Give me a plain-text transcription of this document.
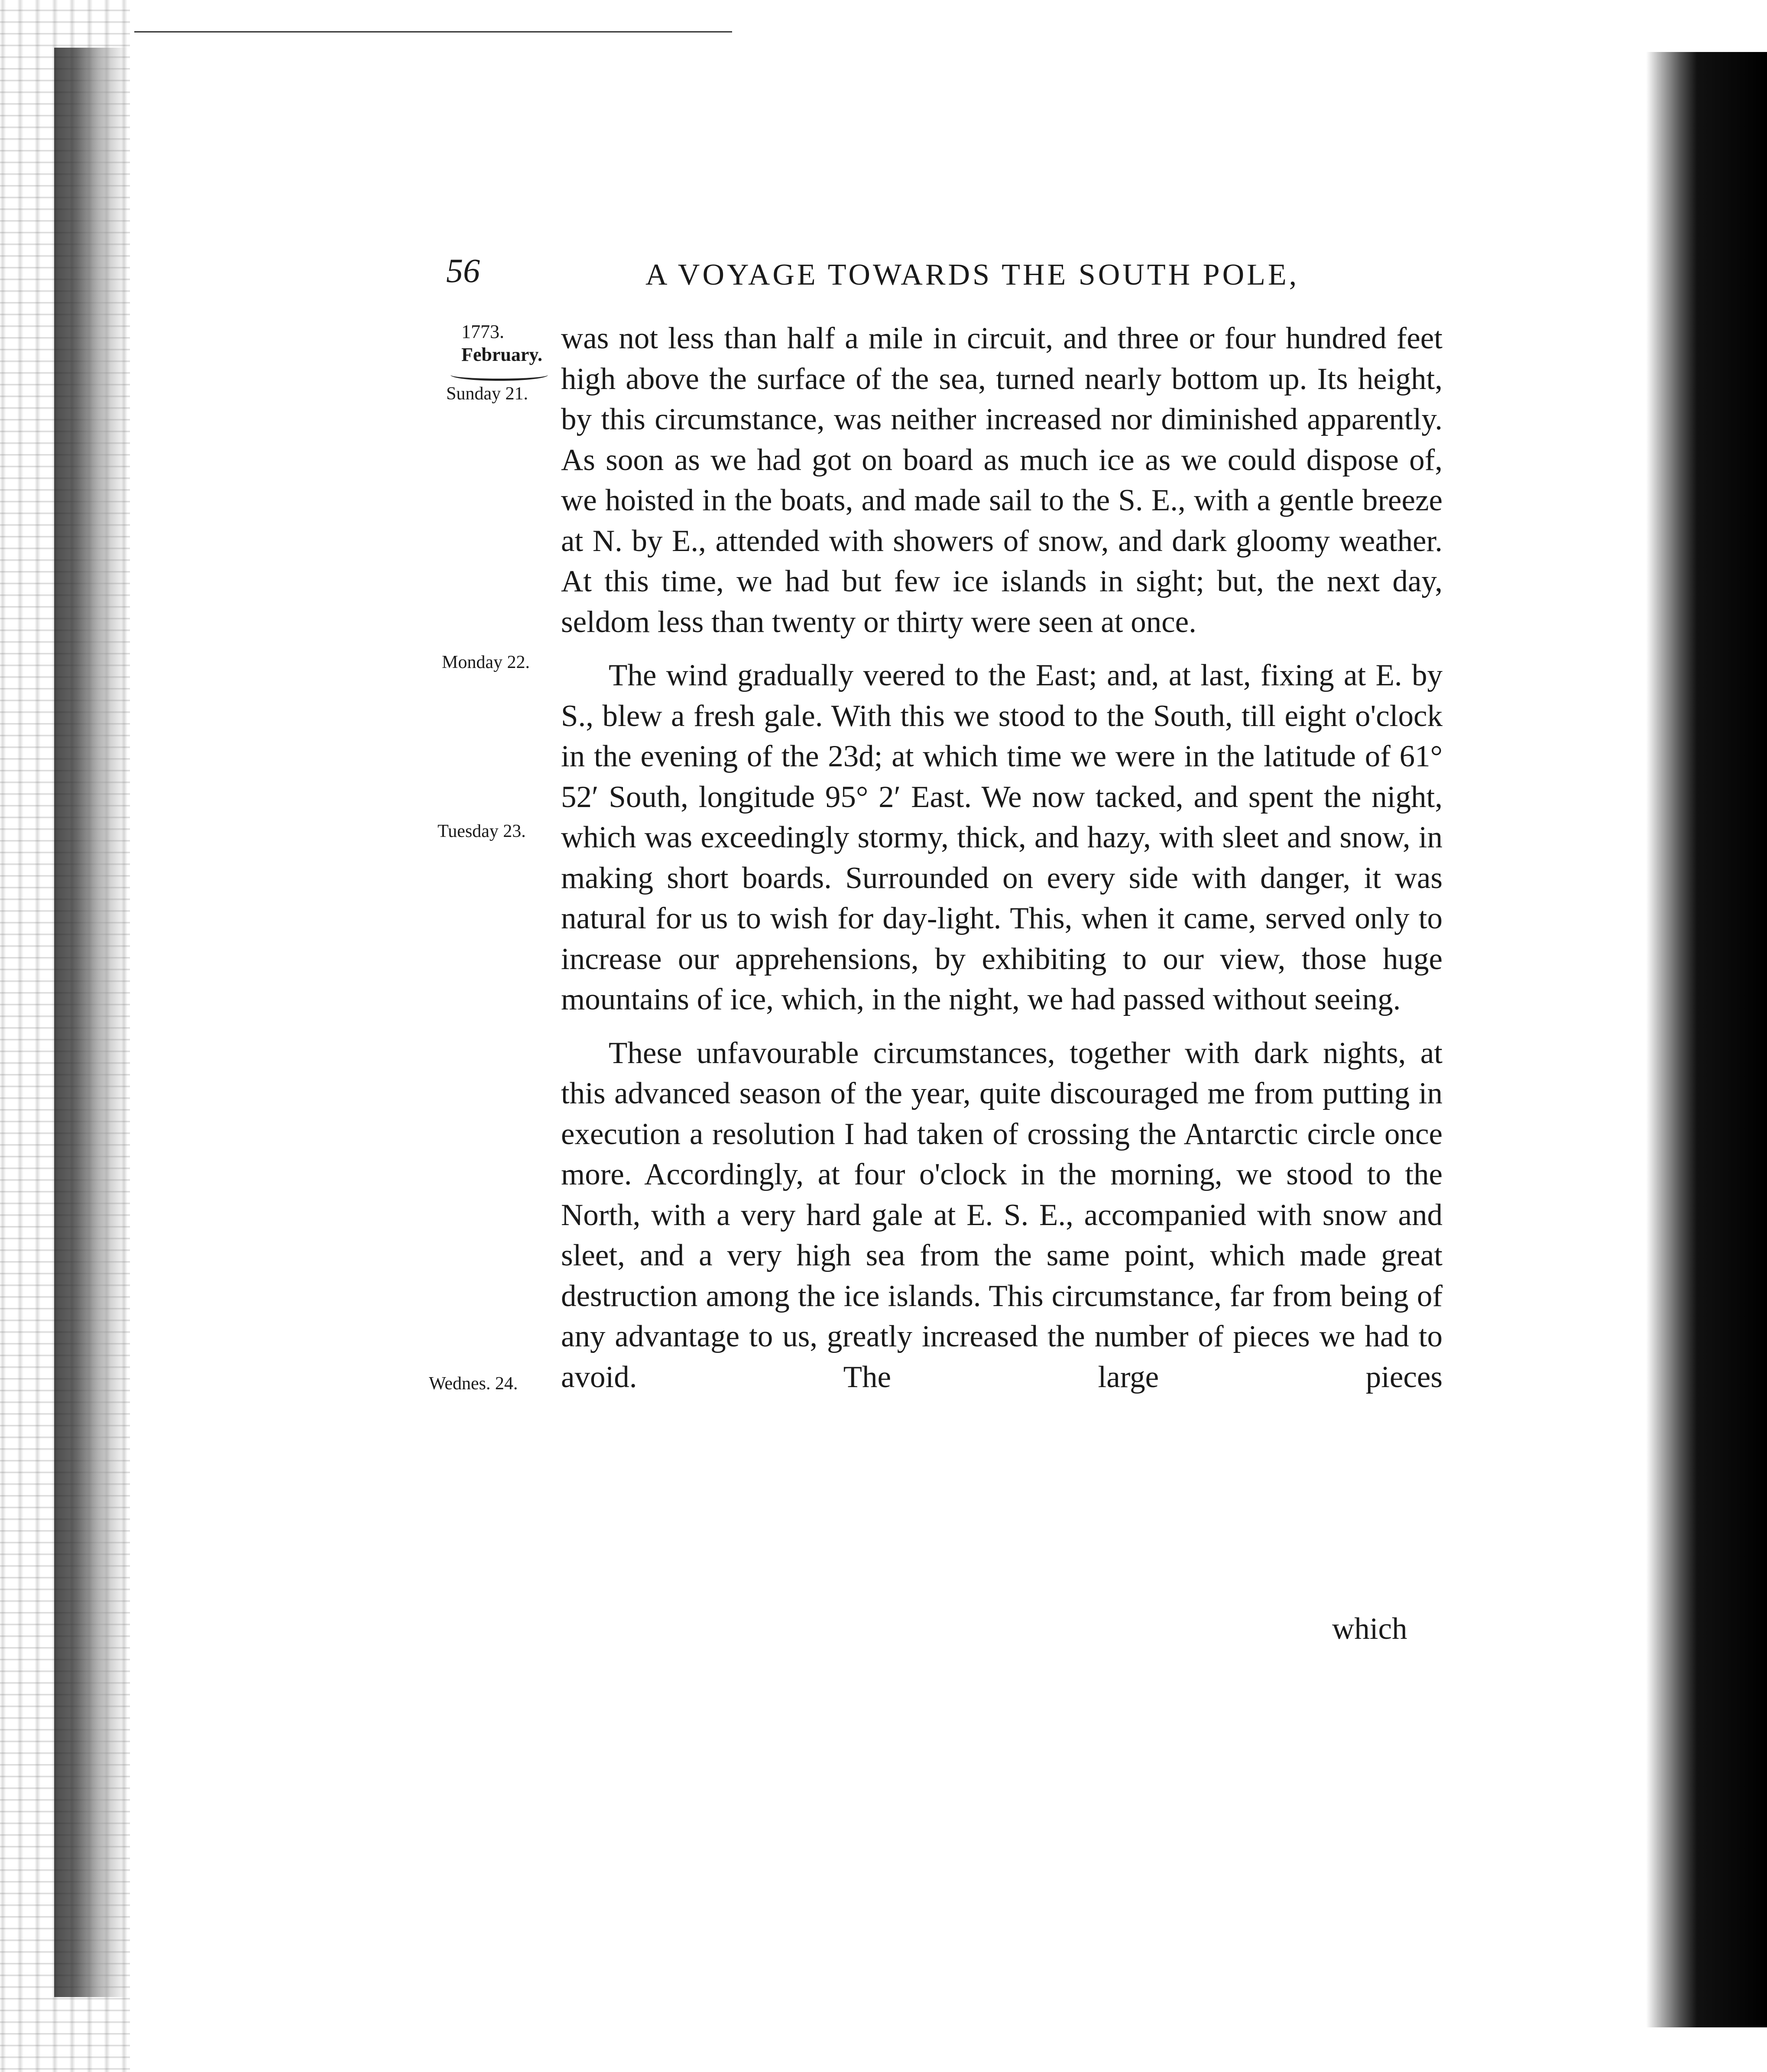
56	A VOYAGE TOWARDS THE SOUTH POLE,
1773.
February.
Sunday 21.
Monday 22.
Tuesday 23.
Wednes. 24.

was not less than half a mile in circuit, and three or four hundred feet high above the surface of the sea, turned nearly bottom up. Its height, by this circumstance, was neither increased nor diminished apparently. As soon as we had got on board as much ice as we could dispose of, we hoisted in the boats, and made sail to the S. E., with a gentle breeze at N. by E., attended with showers of snow, and dark gloomy weather. At this time, we had but few ice islands in sight; but, the next day, seldom less than twenty or thirty were seen at once.

The wind gradually veered to the East; and, at last, fixing at E. by S., blew a fresh gale. With this we stood to the South, till eight o'clock in the evening of the 23d; at which time we were in the latitude of 61° 52′ South, longitude 95° 2′ East. We now tacked, and spent the night, which was exceedingly stormy, thick, and hazy, with sleet and snow, in making short boards. Surrounded on every side with danger, it was natural for us to wish for day-light. This, when it came, served only to increase our apprehensions, by exhibiting to our view, those huge mountains of ice, which, in the night, we had passed without seeing.

These unfavourable circumstances, together with dark nights, at this advanced season of the year, quite discouraged me from putting in execution a resolution I had taken of crossing the Antarctic circle once more. Accordingly, at four o'clock in the morning, we stood to the North, with a very hard gale at E. S. E., accompanied with snow and sleet, and a very high sea from the same point, which made great destruction among the ice islands. This circumstance, far from being of any advantage to us, greatly increased the number of pieces we had to avoid. The large pieces

which
